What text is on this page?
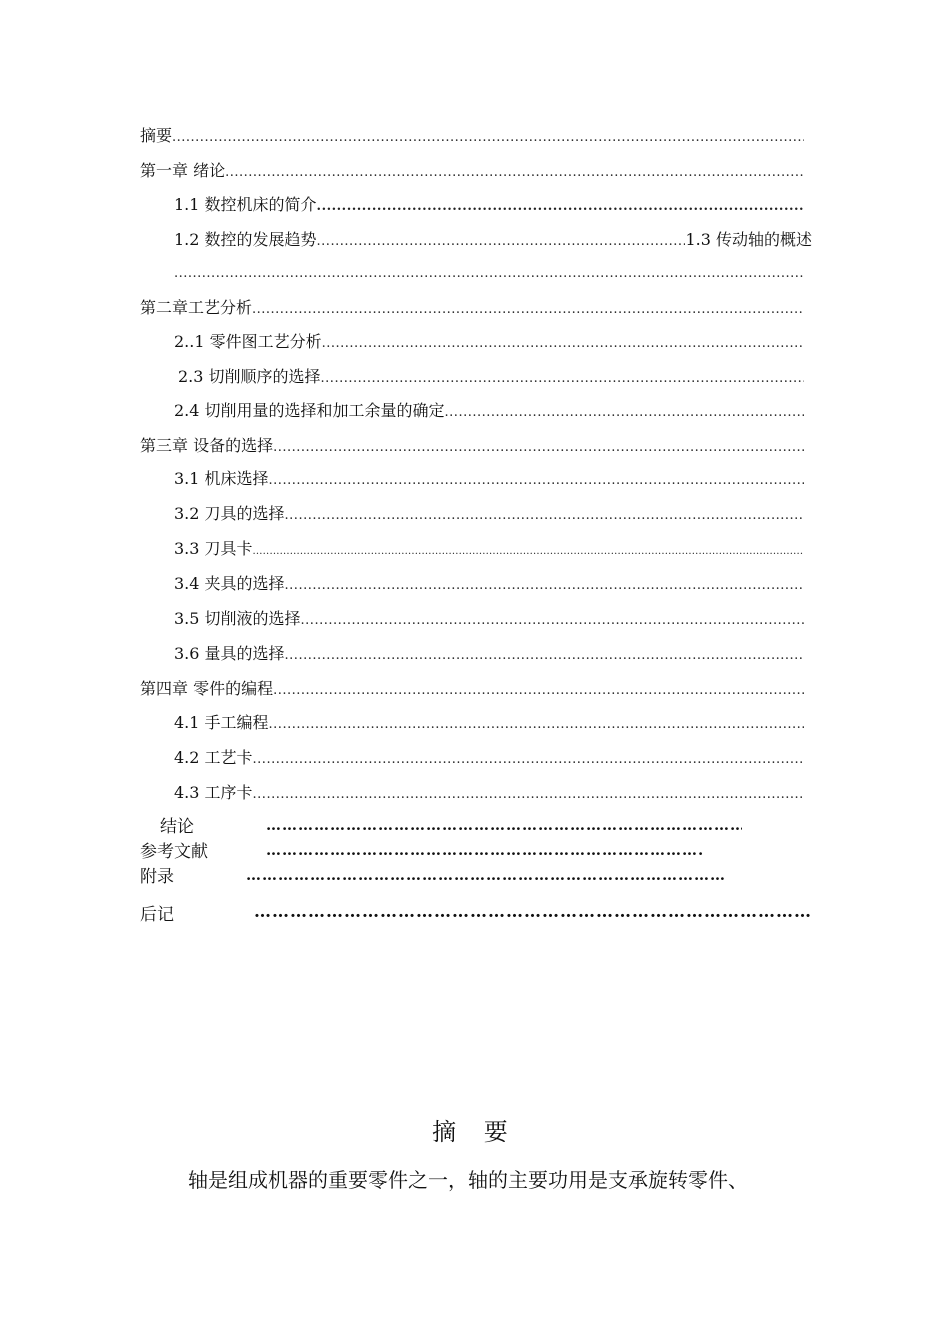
摘要
.....
第一章 绪论
.....
1.1 数控机床的简介
.....
1.2 数控的发展趋势
.....	1.3 传动轴的概述
.....
第二章工艺分析
.....
2..1 零件图工艺分析
.....
2.3 切削顺序的选择
.....
2.4 切削用量的选择和加工余量的确定
.....
第三章 设备的选择
.....
3.1 机床选择
.....
3.2 刀具的选择
.....
3.3 刀具卡
.....
3.4 夹具的选择
.....
3.5 切削液的选择
.....
3.6 量具的选择
.....
第四章 零件的编程
.....
4.1 手工编程
.....
4.2 工艺卡
.....
4.3 工序卡
.....
结论
……………………………………………………………………………………………………………………………………………………
参考文献
……………………………………………………………………………………………………………………………………………………
附录
……………………………………………………………………………………………………………………………………………………
后记
……………………………………………………………………………………………………………………………………………………
摘 要

轴是组成机器的重要零件之一，轴的主要功用是支承旋转零件、
